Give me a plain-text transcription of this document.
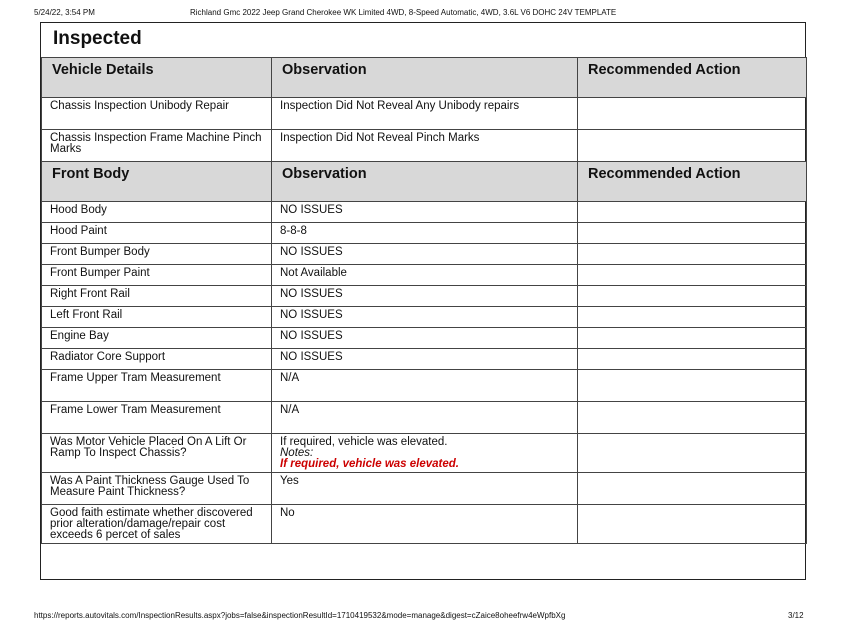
5/24/22, 3:54 PM	Richland Gmc 2022 Jeep Grand Cherokee WK Limited 4WD, 8-Speed Automatic, 4WD, 3.6L V6 DOHC 24V TEMPLATE
Inspected
Vehicle Details	Observation	Recommended Action
Chassis Inspection Unibody Repair	Inspection Did Not Reveal Any Unibody repairs	
Chassis Inspection Frame Machine Pinch Marks	Inspection Did Not Reveal Pinch Marks	
Front Body	Observation	Recommended Action
Hood Body	NO ISSUES	
Hood Paint	8-8-8	
Front Bumper Body	NO ISSUES	
Front Bumper Paint	Not Available	
Right Front Rail	NO ISSUES	
Left Front Rail	NO ISSUES	
Engine Bay	NO ISSUES	
Radiator Core Support	NO ISSUES	
Frame Upper Tram Measurement	N/A	
Frame Lower Tram Measurement	N/A	
Was Motor Vehicle Placed On A Lift Or Ramp To Inspect Chassis?	If required, vehicle was elevated.
Notes:
If required, vehicle was elevated.	

Was A Paint Thickness Gauge Used To Measure Paint Thickness?	Yes	
Good faith estimate whether discovered prior alteration/damage/repair cost exceeds 6 percet of sales	No	
https://reports.autovitals.com/InspectionResults.aspx?jobs=false&inspectionResultId=1710419532&mode=manage&digest=cZaice8oheefrw4eWpfbXg	3/12
